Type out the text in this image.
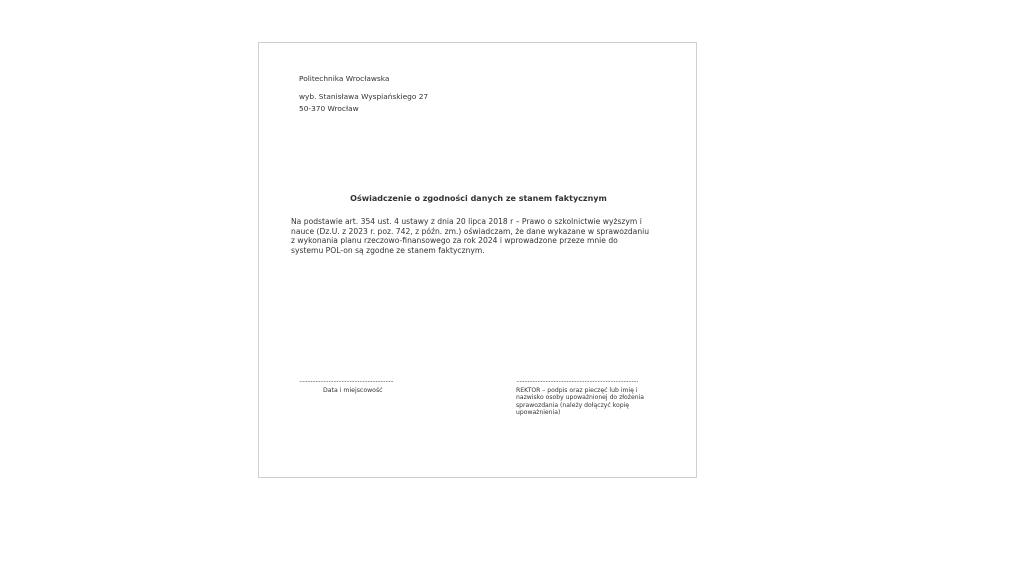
Politechnika Wrocławska
wyb. Stanisława Wyspiańskiego 27
50-370 Wrocław
Oświadczenie o zgodności danych ze stanem faktycznym
Na podstawie art. 354 ust. 4 ustawy z dnia 20 lipca 2018 r – Prawo o szkolnictwie wyższym i
nauce (Dz.U. z 2023 r. poz. 742, z późn. zm.) oświadczam, że dane wykazane w sprawozdaniu
z wykonania planu rzeczowo-finansowego za rok 2024 i wprowadzone przeze mnie do
systemu POL-on są zgodne ze stanem faktycznym.
..........................................................
Data i miejscowość
...........................................................................
REKTOR – podpis oraz pieczęć lub imię i
nazwisko osoby upoważnionej do złożenia
sprawozdania (należy dołączyć kopię
upoważnienia)
